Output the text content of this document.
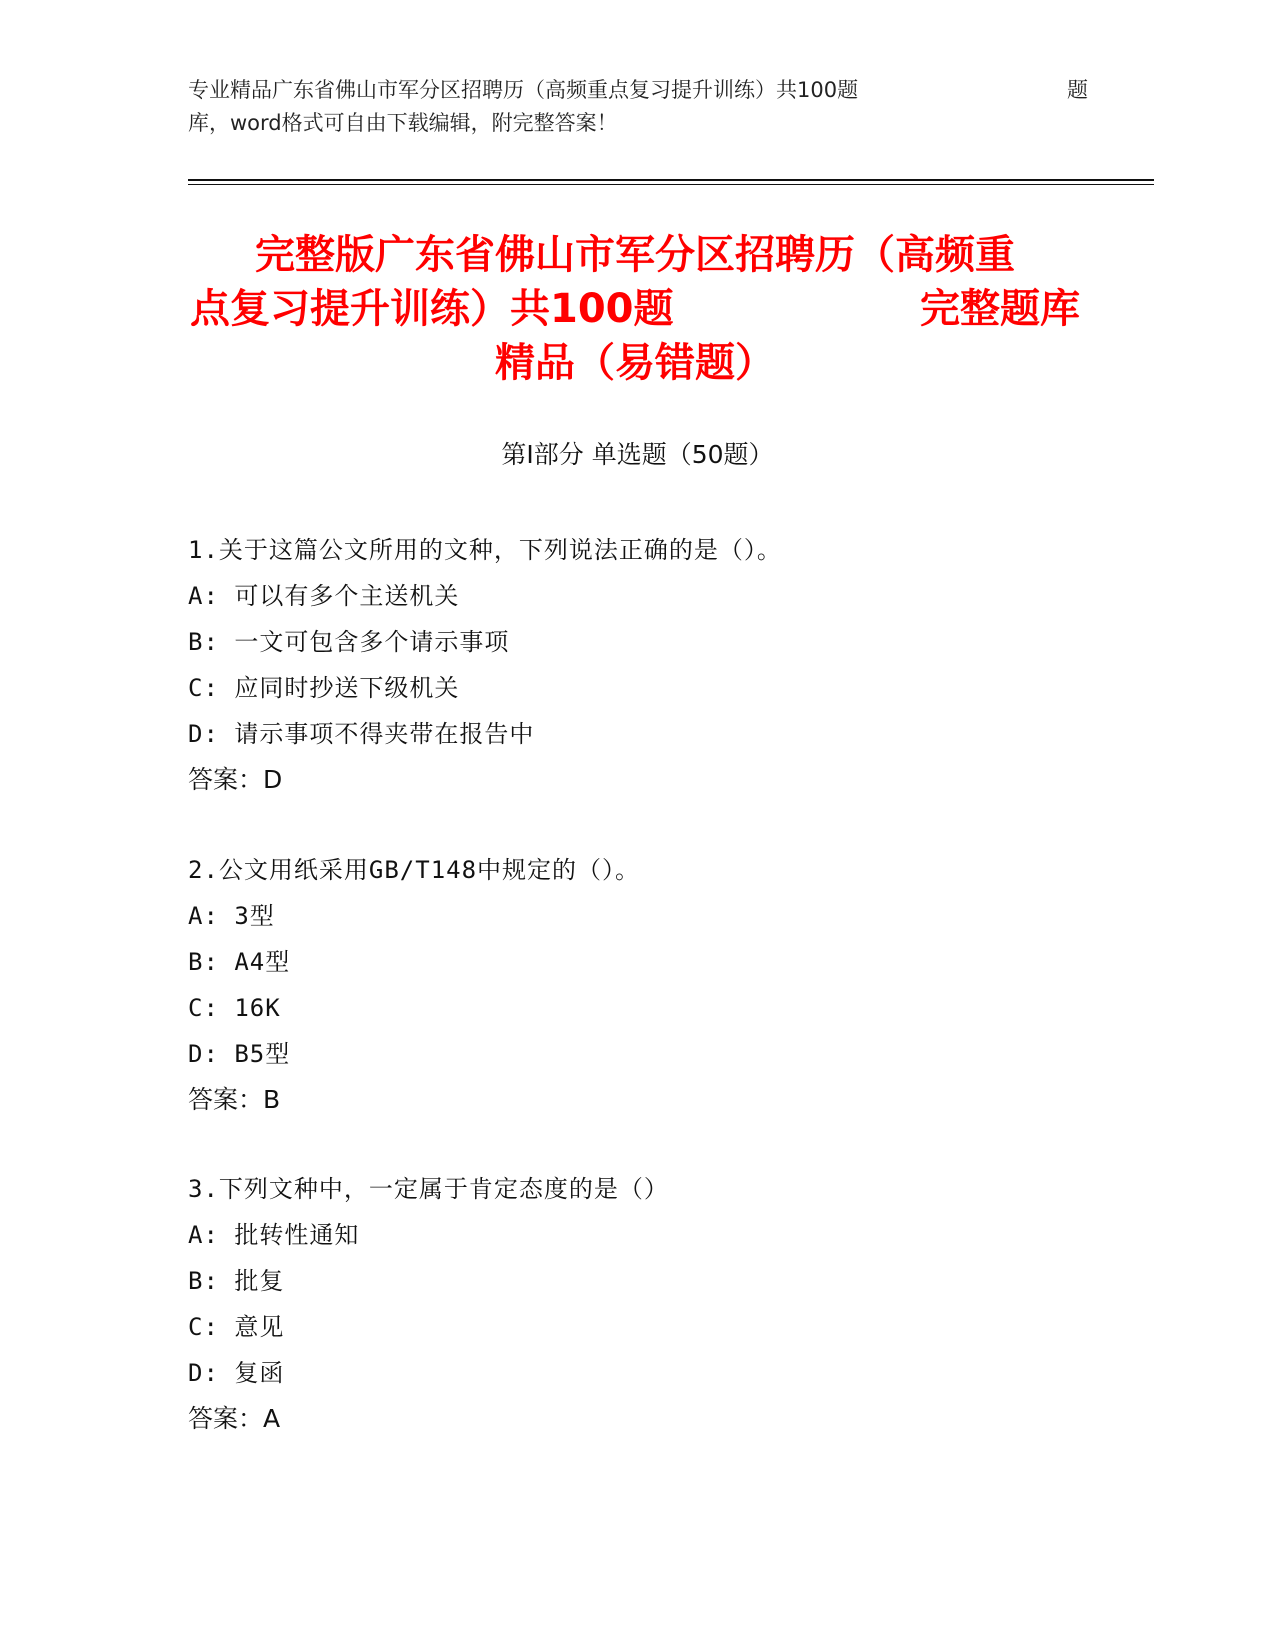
专业精品广东省佛山市军分区招聘历（高频重点复习提升训练）共100题	题
库，word格式可自由下载编辑，附完整答案！
完整版广东省佛山市军分区招聘历（高频重
点复习提升训练）共100题	完整题库
精品（易错题）
第Ⅰ部分 单选题（50题）
1.关于这篇公文所用的文种，下列说法正确的是（）。
A: 可以有多个主送机关
B: 一文可包含多个请示事项
C: 应同时抄送下级机关
D: 请示事项不得夹带在报告中
答案：D
2.公文用纸采用GB/T148中规定的（）。
A: 3型
B: A4型
C: 16K
D: B5型
答案：B
3.下列文种中，一定属于肯定态度的是（）
A: 批转性通知
B: 批复
C: 意见
D: 复函
答案：A
